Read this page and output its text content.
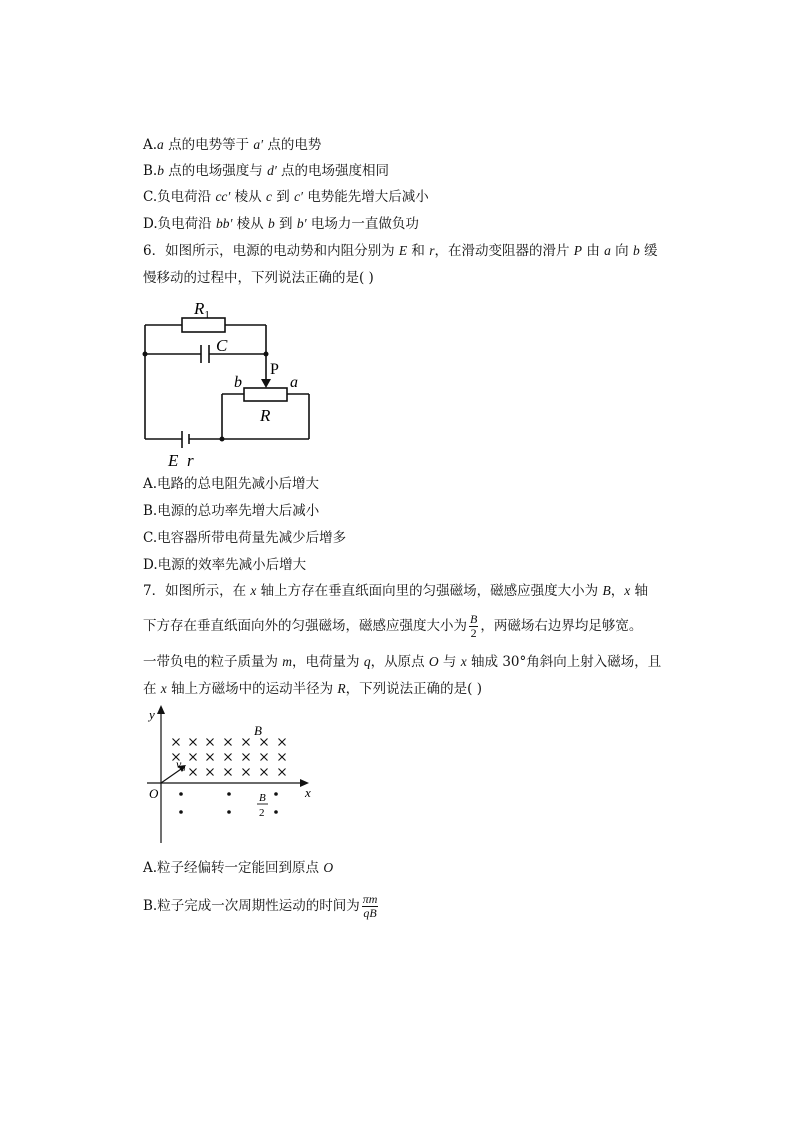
A.a 点的电势等于 a′ 点的电势
B.b 点的电场强度与 d′ 点的电场强度相同
C.负电荷沿 cc′ 棱从 c 到 c′ 电势能先增大后减小
D.负电荷沿 bb′ 棱从 b 到 b′ 电场力一直做负功
6．如图所示，电源的电动势和内阻分别为 E 和 r，在滑动变阻器的滑片 P 由 a 向 b 缓
慢移动的过程中，下列说法正确的是( )
$R_1$
C
P
b	a
R
E r
A.电路的总电阻先减小后增大
B.电源的总功率先增大后减小
C.电容器所带电荷量先减少后增多
D.电源的效率先减小后增大
7．如图所示，在 x 轴上方存在垂直纸面向里的匀强磁场，磁感应强度大小为 B，x 轴
下方存在垂直纸面向外的匀强磁场，磁感应强度大小为 $\frac{B}{2}$ ，两磁场右边界均足够宽。
一带负电的粒子质量为 m，电荷量为 q，从原点 O 与 x 轴成 30°角斜向上射入磁场，且
在 x 轴上方磁场中的运动半径为 R，下列说法正确的是( )
y
x
O
B
$v_0$
B
2
A.粒子经偏转一定能回到原点 O
B.粒子完成一次周期性运动的时间为 $\frac{\pi m}{qB}$
